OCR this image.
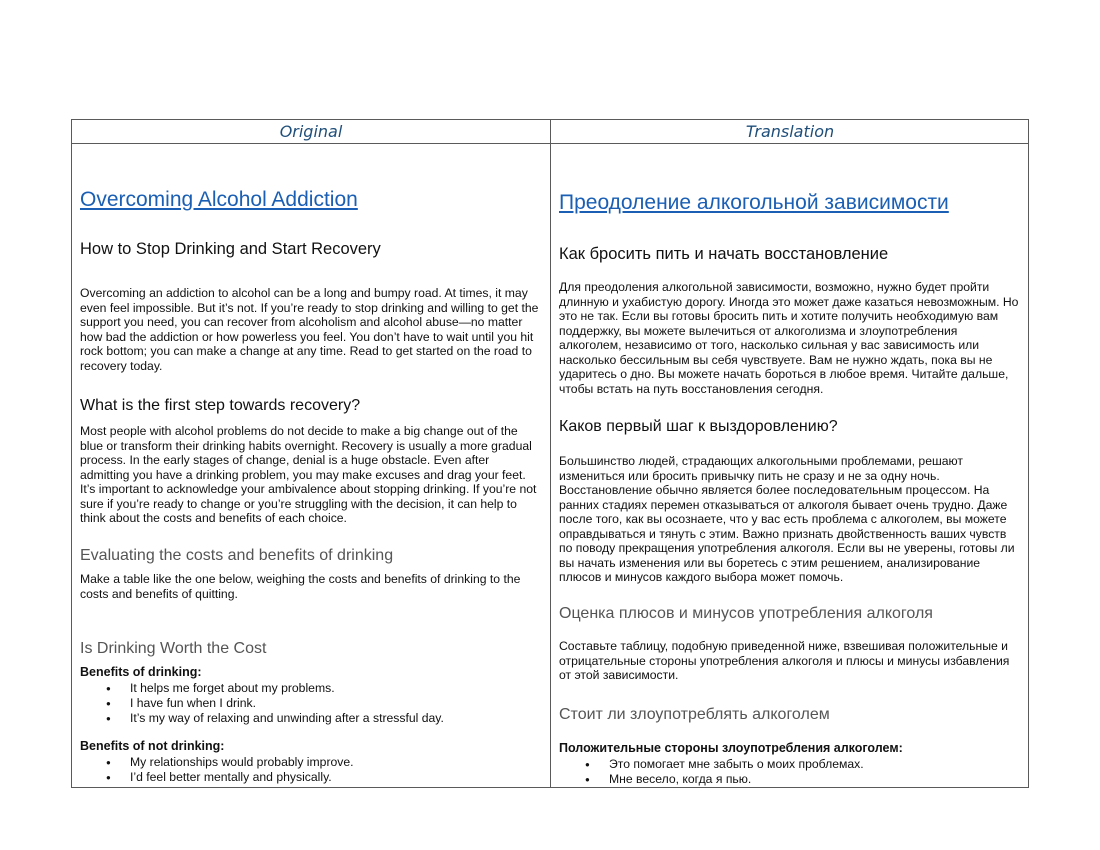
Original	Translation

Overcoming Alcohol Addiction

How to Stop Drinking and Start Recovery

Overcoming an addiction to alcohol can be a long and bumpy road. At times, it may even feel impossible. But it’s not. If you’re ready to stop drinking and willing to get the support you need, you can recover from alcoholism and alcohol abuse—no matter how bad the addiction or how powerless you feel. You don’t have to wait until you hit rock bottom; you can make a change at any time. Read to get started on the road to recovery today.

What is the first step towards recovery?

Most people with alcohol problems do not decide to make a big change out of the blue or transform their drinking habits overnight. Recovery is usually a more gradual process. In the early stages of change, denial is a huge obstacle. Even after admitting you have a drinking problem, you may make excuses and drag your feet. It’s important to acknowledge your ambivalence about stopping drinking. If you’re not sure if you’re ready to change or you’re struggling with the decision, it can help to think about the costs and benefits of each choice.

Evaluating the costs and benefits of drinking

Make a table like the one below, weighing the costs and benefits of drinking to the costs and benefits of quitting.

Is Drinking Worth the Cost

Benefits of drinking:

● It helps me forget about my problems.
● I have fun when I drink.
● It’s my way of relaxing and unwinding after a stressful day.

Benefits of not drinking:

● My relationships would probably improve.
● I’d feel better mentally and physically.

Преодоление алкогольной зависимости

Как бросить пить и начать восстановление

Для преодоления алкогольной зависимости, возможно, нужно будет пройти длинную и ухабистую дорогу. Иногда это может даже казаться невозможным. Но это не так. Если вы готовы бросить пить и хотите получить необходимую вам поддержку, вы можете вылечиться от алкоголизма и злоупотребления алкоголем, независимо от того, насколько сильная у вас зависимость или насколько бессильным вы себя чувствуете. Вам не нужно ждать, пока вы не ударитесь о дно. Вы можете начать бороться в любое время. Читайте дальше, чтобы встать на путь восстановления сегодня.

Каков первый шаг к выздоровлению?

Большинство людей, страдающих алкогольными проблемами, решают измениться или бросить привычку пить не сразу и не за одну ночь. Восстановление обычно является более последовательным процессом. На ранних стадиях перемен отказываться от алкоголя бывает очень трудно. Даже после того, как вы осознаете, что у вас есть проблема с алкоголем, вы можете оправдываться и тянуть с этим. Важно признать двойственность ваших чувств по поводу прекращения употребления алкоголя. Если вы не уверены, готовы ли вы начать изменения или вы боретесь с этим решением, анализирование плюсов и минусов каждого выбора может помочь.

Оценка плюсов и минусов употребления алкоголя

Составьте таблицу, подобную приведенной ниже, взвешивая положительные и отрицательные стороны употребления алкоголя и плюсы и минусы избавления от этой зависимости.

Стоит ли злоупотреблять алкоголем

Положительные стороны злоупотребления алкоголем:

● Это помогает мне забыть о моих проблемах.
● Мне весело, когда я пью.
